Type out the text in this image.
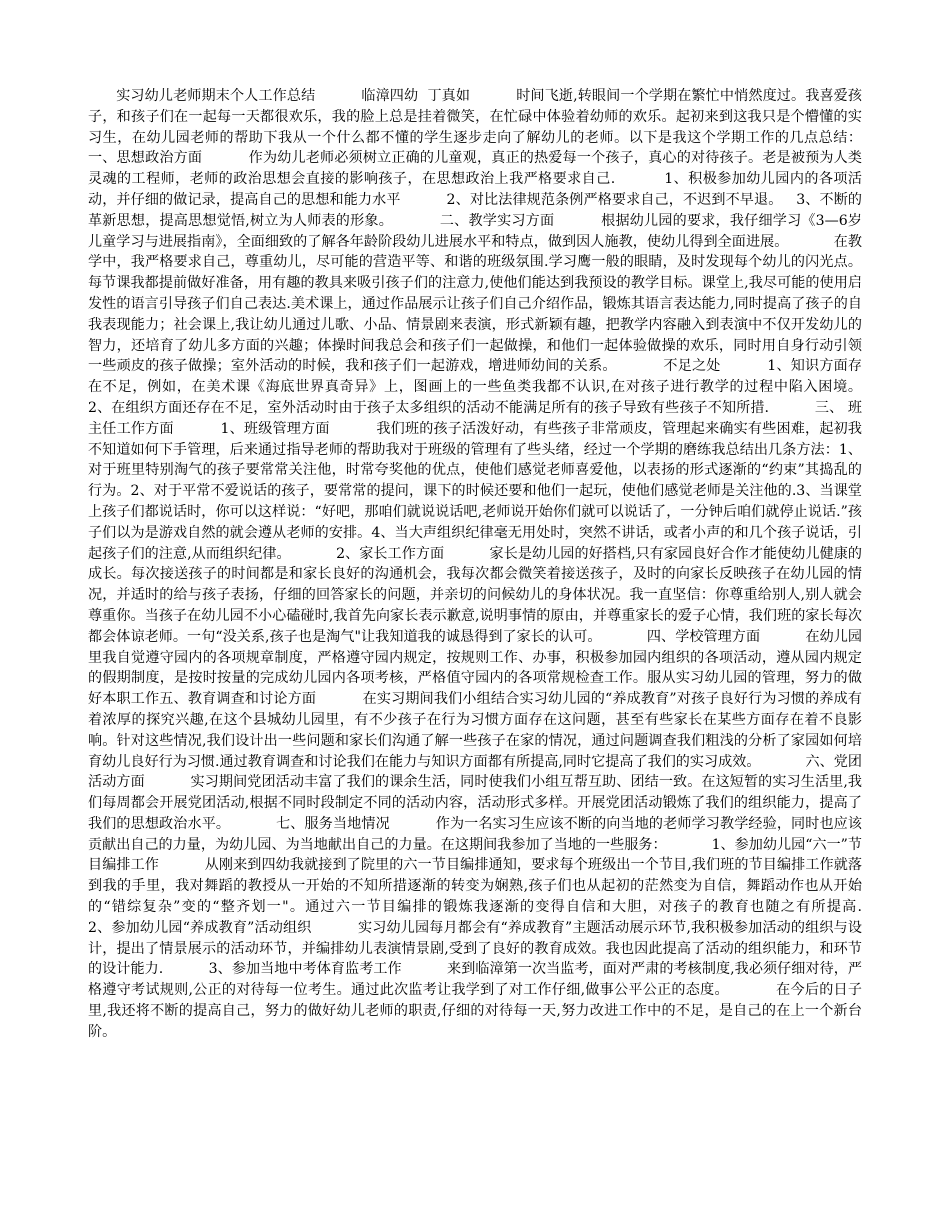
实习幼儿老师期末个人工作总结          临漳四幼  丁真如          时间飞逝,转眼间一个学期在繁忙中悄然度过。我喜爱孩子，和孩子们在一起每一天都很欢乐，我的脸上总是挂着微笑，在忙碌中体验着幼师的欢乐。起初来到这我只是个懵懂的实习生，在幼儿园老师的帮助下我从一个什么都不懂的学生逐步走向了解幼儿的老师。以下是我这个学期工作的几点总结：          一、思想政治方面          作为幼儿老师必须树立正确的儿童观，真正的热爱每一个孩子，真心的对待孩子。老是被预为人类灵魂的工程师，老师的政治思想会直接的影响孩子，在思想政治上我严格要求自己.          1、积极参加幼儿园内的各项活动，并仔细的做记录，提高自己的思想和能力水平          2、对比法律规范条例严格要求自己，不迟到不早退。   3、不断的革新思想，提高思想觉悟,树立为人师表的形象。          二、教学实习方面          根据幼儿园的要求，我仔细学习《3—6岁儿童学习与进展指南》，全面细致的了解各年龄阶段幼儿进展水平和特点，做到因人施教，使幼儿得到全面进展。          在教学中，我严格要求自己，尊重幼儿，尽可能的营造平等、和谐的班级氛围.学习鹰一般的眼睛，及时发现每个幼儿的闪光点。每节课我都提前做好准备，用有趣的教具来吸引孩子们的注意力,使他们能达到我预设的教学目标。课堂上,我尽可能的使用启发性的语言引导孩子们自己表达.美术课上，通过作品展示让孩子们自己介绍作品，锻炼其语言表达能力,同时提高了孩子的自我表现能力；社会课上,我让幼儿通过儿歌、小品、情景剧来表演，形式新颖有趣，把教学内容融入到表演中不仅开发幼儿的智力，还培育了幼儿多方面的兴趣；体操时间我总会和孩子们一起做操，和他们一起体验做操的欢乐，同时用自身行动引领一些顽皮的孩子做操；室外活动的时候，我和孩子们一起游戏，增进师幼间的关系。          不足之处          1、知识方面存在不足，例如，在美术课《海底世界真奇异》上，图画上的一些鱼类我都不认识,在对孩子进行教学的过程中陷入困境。          2、在组织方面还存在不足，室外活动时由于孩子太多组织的活动不能满足所有的孩子导致有些孩子不知所措.          三、 班主任工作方面          1、班级管理方面          我们班的孩子活泼好动，有些孩子非常顽皮，管理起来确实有些困难，起初我不知道如何下手管理，后来通过指导老师的帮助我对于班级的管理有了些头绪，经过一个学期的磨练我总结出几条方法：1、对于班里特别淘气的孩子要常常关注他，时常夸奖他的优点，使他们感觉老师喜爱他，以表扬的形式逐渐的“约束”其捣乱的行为。2、对于平常不爱说话的孩子，要常常的提问，课下的时候还要和他们一起玩，使他们感觉老师是关注他的.3、当课堂上孩子们都说话时，你可以这样说：“好吧，那咱们就说说话吧,老师说开始你们就可以说话了，一分钟后咱们就停止说话.”孩子们以为是游戏自然的就会遵从老师的安排。4、当大声组织纪律毫无用处时，突然不讲话，或者小声的和几个孩子说话，引起孩子们的注意,从而组织纪律。          2、家长工作方面          家长是幼儿园的好搭档,只有家园良好合作才能使幼儿健康的成长。每次接送孩子的时间都是和家长良好的沟通机会，我每次都会微笑着接送孩子，及时的向家长反映孩子在幼儿园的情况，并适时的给与孩子表扬，仔细的回答家长的问题，并亲切的问候幼儿的身体状况。我一直坚信：你尊重给别人,别人就会尊重你。当孩子在幼儿园不小心磕碰时,我首先向家长表示歉意,说明事情的原由，并尊重家长的爱子心情，我们班的家长每次都会体谅老师。一句“没关系,孩子也是淘气"让我知道我的诚恳得到了家长的认可。          四、学校管理方面          在幼儿园里我自觉遵守园内的各项规章制度，严格遵守园内规定，按规则工作、办事，积极参加园内组织的各项活动，遵从园内规定的假期制度，是按时按量的完成幼儿园内各项考核，严格值守园内的各项常规检查工作。服从实习幼儿园的管理，努力的做好本职工作五、教育调查和讨论方面          在实习期间我们小组结合实习幼儿园的“养成教育”对孩子良好行为习惯的养成有着浓厚的探究兴趣,在这个县城幼儿园里，有不少孩子在行为习惯方面存在这问题，甚至有些家长在某些方面存在着不良影响。针对这些情况,我们设计出一些问题和家长们沟通了解一些孩子在家的情况，通过问题调查我们粗浅的分析了家园如何培育幼儿良好行为习惯.通过教育调查和讨论我们在能力与知识方面都有所提高,同时它提高了我们的实习成效。          六、党团活动方面          实习期间党团活动丰富了我们的课余生活，同时使我们小组互帮互助、团结一致。在这短暂的实习生活里,我们每周都会开展党团活动,根据不同时段制定不同的活动内容，活动形式多样。开展党团活动锻炼了我们的组织能力，提高了我们的思想政治水平。          七、服务当地情况          作为一名实习生应该不断的向当地的老师学习教学经验，同时也应该贡献出自己的力量，为幼儿园、为当地献出自己的力量。在这期间我参加了当地的一些服务：          1、参加幼儿园“六一”节目编排工作          从刚来到四幼我就接到了院里的六一节目编排通知，要求每个班级出一个节目,我们班的节目编排工作就落到我的手里，我对舞蹈的教授从一开始的不知所措逐渐的转变为娴熟,孩子们也从起初的茫然变为自信，舞蹈动作也从开始的“错综复杂”变的“整齐划一"。通过六一节目编排的锻炼我逐渐的变得自信和大胆，对孩子的教育也随之有所提高.          2、参加幼儿园“养成教育”活动组织          实习幼儿园每月都会有“养成教育”主题活动展示环节,我积极参加活动的组织与设计，提出了情景展示的活动环节，并编排幼儿表演情景剧,受到了良好的教育成效。我也因此提高了活动的组织能力，和环节的设计能力.          3、参加当地中考体育监考工作          来到临漳第一次当监考，面对严肃的考核制度,我必须仔细对待，严格遵守考试规则,公正的对待每一位考生。通过此次监考让我学到了对工作仔细,做事公平公正的态度。          在今后的日子里,我还将不断的提高自己，努力的做好幼儿老师的职责,仔细的对待每一天,努力改进工作中的不足，是自己的在上一个新台阶。
